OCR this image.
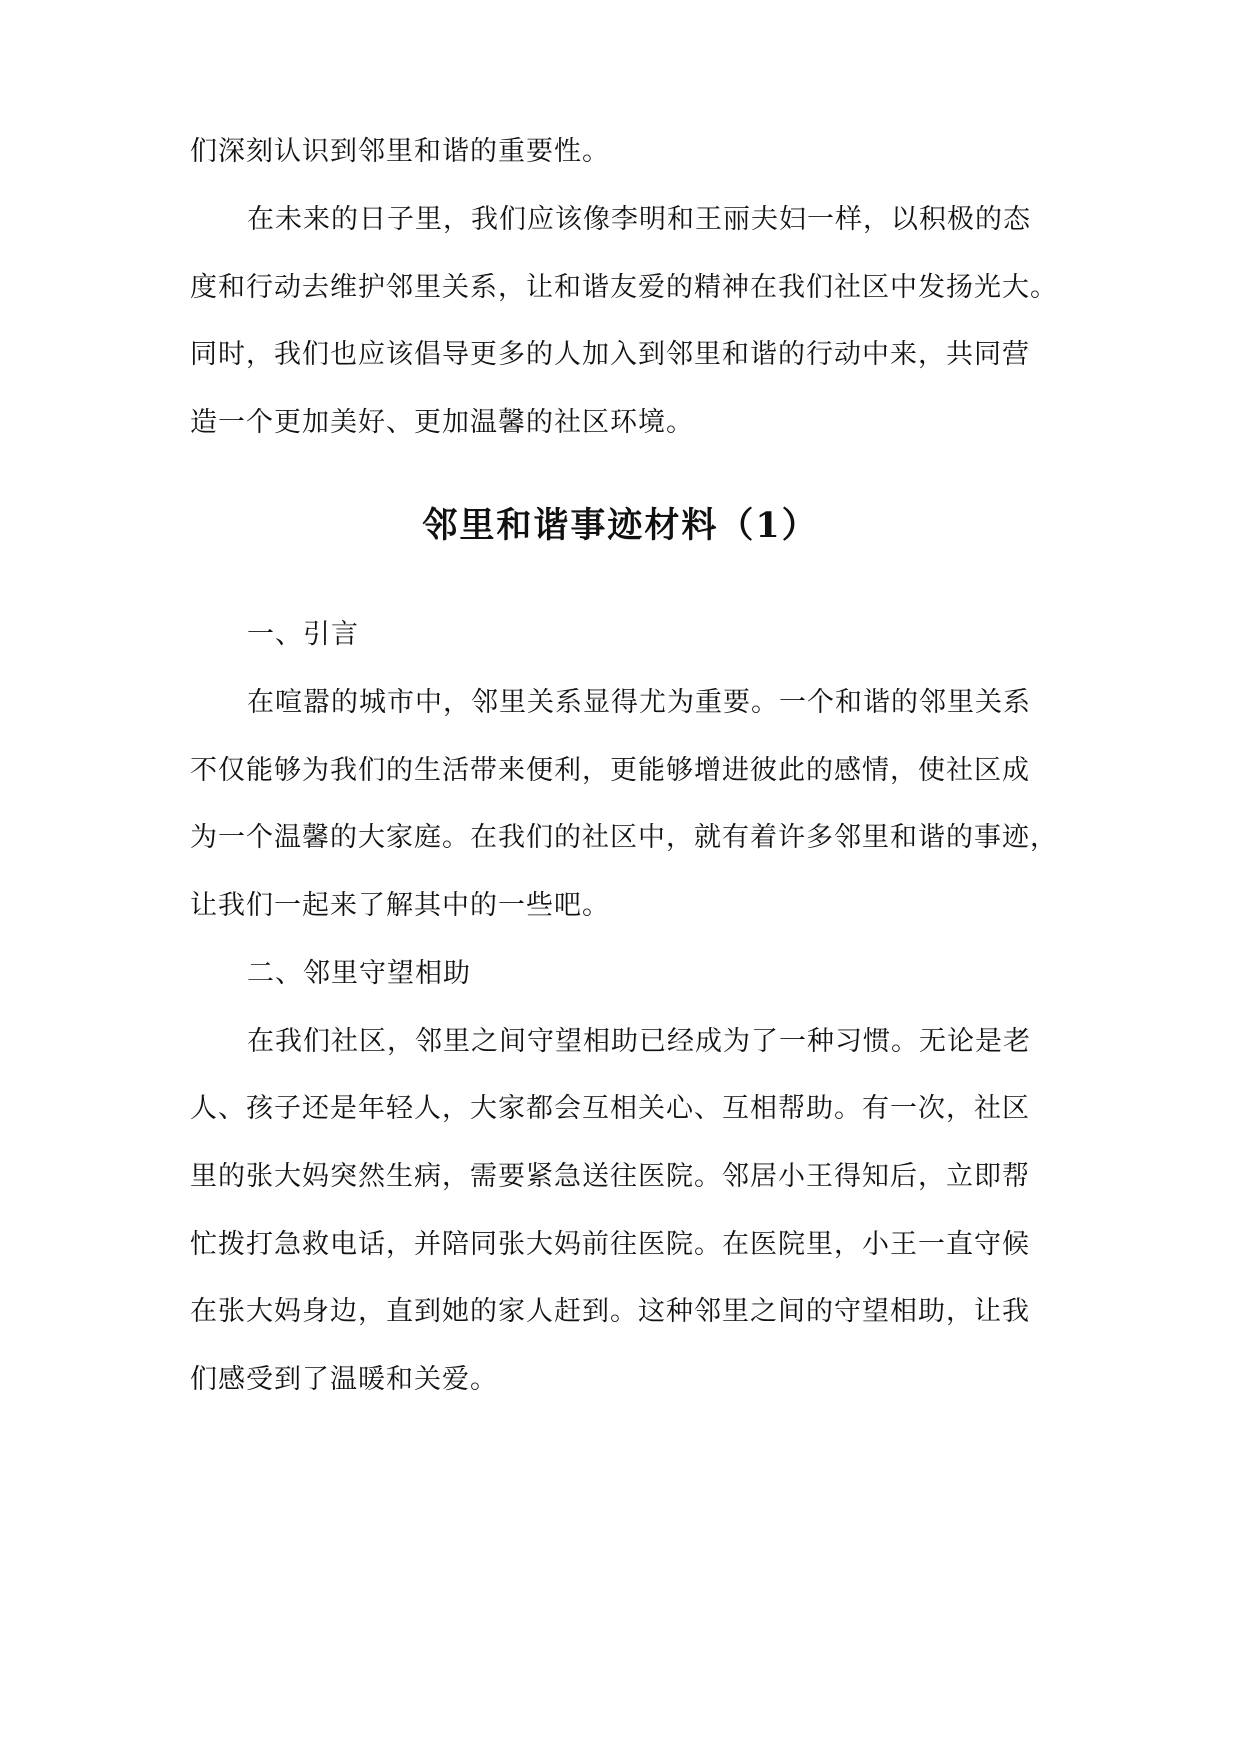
们深刻认识到邻里和谐的重要性。

在未来的日子里，我们应该像李明和王丽夫妇一样，以积极的态

度和行动去维护邻里关系，让和谐友爱的精神在我们社区中发扬光大。

同时，我们也应该倡导更多的人加入到邻里和谐的行动中来，共同营

造一个更加美好、更加温馨的社区环境。

邻里和谐事迹材料（1）

一、引言

在喧嚣的城市中，邻里关系显得尤为重要。一个和谐的邻里关系

不仅能够为我们的生活带来便利，更能够增进彼此的感情，使社区成

为一个温馨的大家庭。在我们的社区中，就有着许多邻里和谐的事迹，

让我们一起来了解其中的一些吧。

二、邻里守望相助

在我们社区，邻里之间守望相助已经成为了一种习惯。无论是老

人、孩子还是年轻人，大家都会互相关心、互相帮助。有一次，社区

里的张大妈突然生病，需要紧急送往医院。邻居小王得知后，立即帮

忙拨打急救电话，并陪同张大妈前往医院。在医院里，小王一直守候

在张大妈身边，直到她的家人赶到。这种邻里之间的守望相助，让我

们感受到了温暖和关爱。
